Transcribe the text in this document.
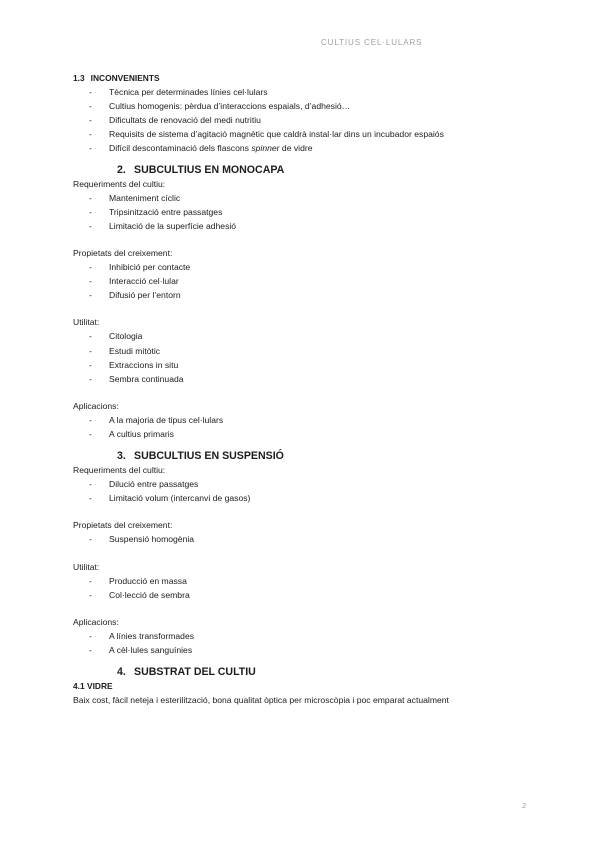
CULTIUS CEL·LULARS

1.3 INCONVENIENTS

-	Tècnica per determinades línies cel·lulars
-	Cultius homogenis: pèrdua d’interaccions espaials, d’adhesió…
-	Dificultats de renovació del medi nutritiu
-	Requisits de sistema d’agitació magnètic que caldrà instal·lar dins un incubador espaiós
-	Difícil descontaminació dels flascons spinner de vidre

2. SUBCULTIUS EN MONOCAPA

Requeriments del cultiu:

-	Manteniment cíclic
-	Tripsinització entre passatges
-	Limitació de la superfície adhesió

Propietats del creixement:

-	Inhibició per contacte
-	Interacció cel·lular
-	Difusió per l’entorn

Utilitat:

-	Citologia
-	Estudi mitòtic
-	Extraccions in situ
-	Sembra continuada

Aplicacions:

-	A la majoria de tipus cel·lulars
-	A cultius primaris

3. SUBCULTIUS EN SUSPENSIÓ

Requeriments del cultiu:

-	Dilució entre passatges
-	Limitació volum (intercanvi de gasos)

Propietats del creixement:

-	Suspensió homogènia

Utilitat:

-	Producció en massa
-	Col·lecció de sembra

Aplicacions:

-	A línies transformades
-	A cèl·lules sanguínies

4. SUBSTRAT DEL CULTIU

4.1 VIDRE

Baix cost, fàcil neteja i esterilització, bona qualitat òptica per microscòpia i poc emparat actualment

2
